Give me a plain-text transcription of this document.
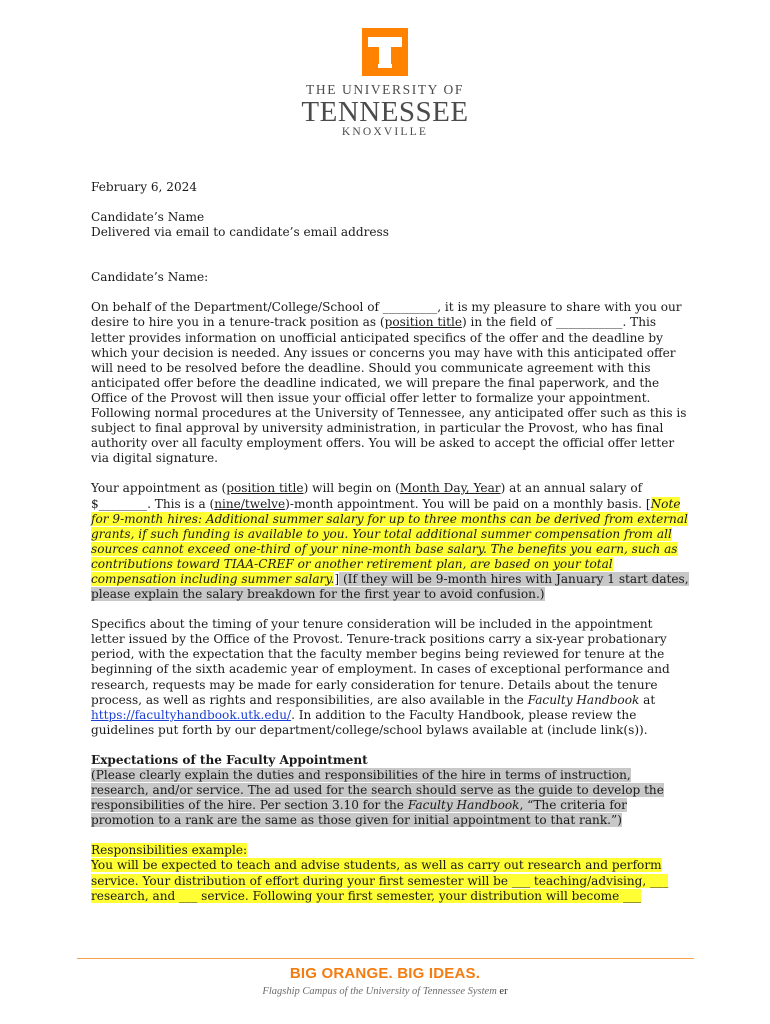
THE UNIVERSITY OF
TENNESSEE
KNOXVILLE

February 6, 2024

Candidate’s Name

Delivered via email to candidate’s email address

Candidate’s Name:

On behalf of the Department/College/School of _________, it is my pleasure to share with you our desire to hire you in a tenure-track position as (position title) in the field of ___________. This letter provides information on unofficial anticipated specifics of the offer and the deadline by which your decision is needed. Any issues or concerns you may have with this anticipated offer will need to be resolved before the deadline. Should you communicate agreement with this anticipated offer before the deadline indicated, we will prepare the final paperwork, and the Office of the Provost will then issue your official offer letter to formalize your appointment. Following normal procedures at the University of Tennessee, any anticipated offer such as this is subject to final approval by university administration, in particular the Provost, who has final authority over all faculty employment offers. You will be asked to accept the official offer letter via digital signature.

Your appointment as (position title) will begin on (Month Day, Year) at an annual salary of $________. This is a (nine/twelve)-month appointment. You will be paid on a monthly basis. [Note for 9-month hires: Additional summer salary for up to three months can be derived from external grants, if such funding is available to you. Your total additional summer compensation from all sources cannot exceed one-third of your nine-month base salary. The benefits you earn, such as contributions toward TIAA-CREF or another retirement plan, are based on your total compensation including summer salary.] (If they will be 9-month hires with January 1 start dates, please explain the salary breakdown for the first year to avoid confusion.)

Specifics about the timing of your tenure consideration will be included in the appointment letter issued by the Office of the Provost. Tenure-track positions carry a six-year probationary period, with the expectation that the faculty member begins being reviewed for tenure at the beginning of the sixth academic year of employment. In cases of exceptional performance and research, requests may be made for early consideration for tenure. Details about the tenure process, as well as rights and responsibilities, are also available in the Faculty Handbook at https://facultyhandbook.utk.edu/. In addition to the Faculty Handbook, please review the guidelines put forth by our department/college/school bylaws available at (include link(s)).

Expectations of the Faculty Appointment

(Please clearly explain the duties and responsibilities of the hire in terms of instruction, research, and/or service. The ad used for the search should serve as the guide to develop the responsibilities of the hire. Per section 3.10 for the Faculty Handbook, “The criteria for promotion to a rank are the same as those given for initial appointment to that rank.”)

Responsibilities example:

You will be expected to teach and advise students, as well as carry out research and perform service. Your distribution of effort during your first semester will be ___ teaching/advising, ___ research, and ___ service. Following your first semester, your distribution will become ___

BIG ORANGE. BIG IDEAS.
Flagship Campus of the University of Tennessee System er
